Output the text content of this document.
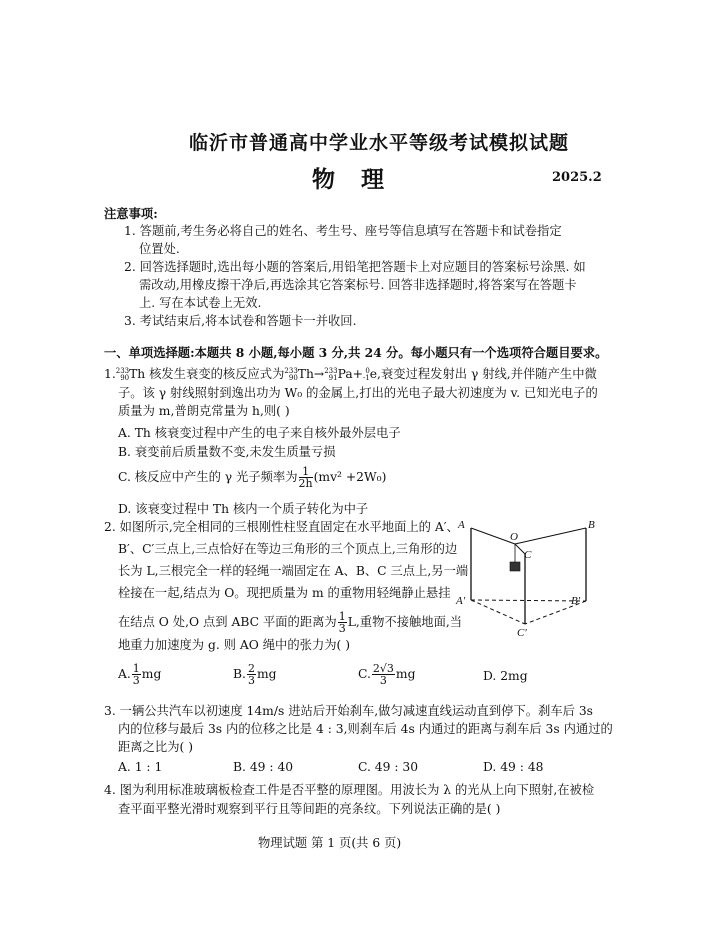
临沂市普通高中学业水平等级考试模拟试题
物理	2025.2
注意事项:
1. 答题前,考生务必将自己的姓名、考生号、座号等信息填写在答题卡和试卷指定
位置处.
2. 回答选择题时,选出每小题的答案后,用铅笔把答题卡上对应题目的答案标号涂黑. 如
需改动,用橡皮擦干净后,再选涂其它答案标号. 回答非选择题时,将答案写在答题卡
上. 写在本试卷上无效.
3. 考试结束后,将本试卷和答题卡一并收回.
一、单项选择题:本题共 8 小题,每小题 3 分,共 24 分。每小题只有一个选项符合题目要求。
1. 233
90 Th 核发生衰变的核反应式为 233
90 Th→ 233
91 Pa+ 0
-1 e,衰变过程发射出 γ 射线,并伴随产生中微
子。该 γ 射线照射到逸出功为 W₀ 的金属上,打出的光电子最大初速度为 v. 已知光电子的
质量为 m,普朗克常量为 h,则( )
A. Th 核衰变过程中产生的电子来自核外最外层电子
B. 衰变前后质量数不变,未发生质量亏损
C. 核反应中产生的 γ 光子频率为 $\frac{1}{2h} (mv^2 +2W_0)$
D. 该衰变过程中 Th 核内一个质子转化为中子
2. 如图所示,完全相同的三根刚性柱竖直固定在水平地面上的 A′、
B′、C′三点上,三点恰好在等边三角形的三个顶点上,三角形的边
长为 L,三根完全一样的轻绳一端固定在 A、B、C 三点上,另一端
栓接在一起,结点为 O。现把质量为 m 的重物用轻绳静止悬挂
在结点 O 处,O 点到 ABC 平面的距离为 $\frac{1}{3} L$,重物不接触地面,当
地重力加速度为 g. 则 AO 绳中的张力为( )
A. $\frac{1}{3}$ mg	B. $\frac{2}{3}$ mg	C. $\frac{2√3}{3}$ mg	D. 2mg
A
O
C
B
A′	B′
C′
3. 一辆公共汽车以初速度 14m/s 进站后开始刹车,做匀减速直线运动直到停下。刹车后 3s
内的位移与最后 3s 内的位移之比是 4 : 3,则刹车后 4s 内通过的距离与刹车后 3s 内通过的
距离之比为( )
A. 1 : 1	B. 49 : 40	C. 49 : 30	D. 49 : 48
4. 图为利用标准玻璃板检查工件是否平整的原理图。用波长为 λ 的光从上向下照射,在被检
查平面平整光滑时观察到平行且等间距的亮条纹。下列说法正确的是( )
物理试题 第 1 页(共 6 页)
